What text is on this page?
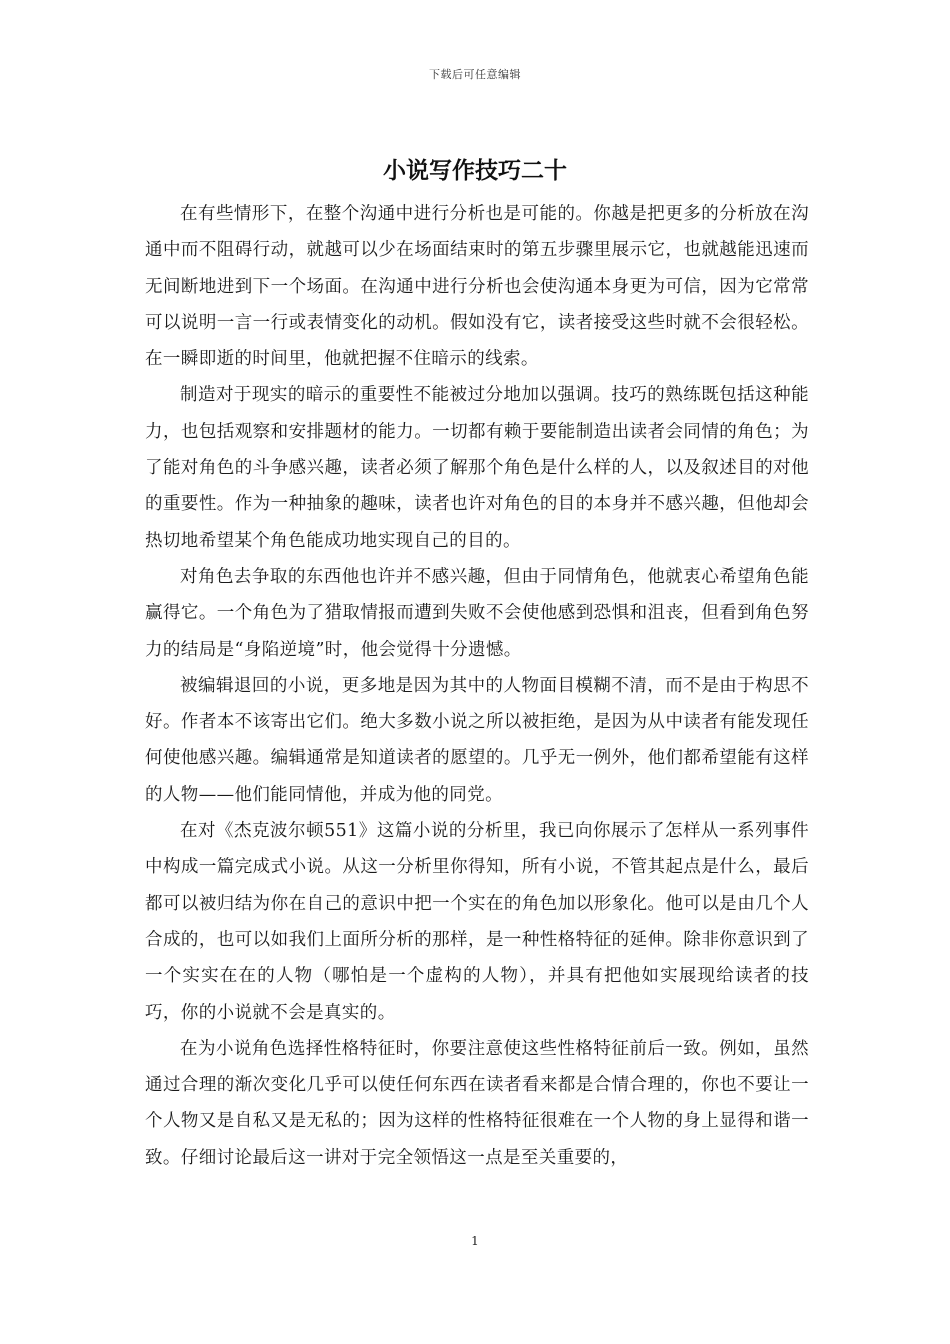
下载后可任意编辑
小说写作技巧二十

在有些情形下，在整个沟通中进行分析也是可能的。你越是把更多的分析放在沟通中而不阻碍行动，就越可以少在场面结束时的第五步骤里展示它，也就越能迅速而无间断地进到下一个场面。在沟通中进行分析也会使沟通本身更为可信，因为它常常可以说明一言一行或表情变化的动机。假如没有它，读者接受这些时就不会很轻松。在一瞬即逝的时间里，他就把握不住暗示的线索。

制造对于现实的暗示的重要性不能被过分地加以强调。技巧的熟练既包括这种能力，也包括观察和安排题材的能力。一切都有赖于要能制造出读者会同情的角色；为了能对角色的斗争感兴趣，读者必须了解那个角色是什么样的人，以及叙述目的对他的重要性。作为一种抽象的趣味，读者也许对角色的目的本身并不感兴趣，但他却会热切地希望某个角色能成功地实现自己的目的。

对角色去争取的东西他也许并不感兴趣，但由于同情角色，他就衷心希望角色能赢得它。一个角色为了猎取情报而遭到失败不会使他感到恐惧和沮丧，但看到角色努力的结局是“身陷逆境”时，他会觉得十分遗憾。

被编辑退回的小说，更多地是因为其中的人物面目模糊不清，而不是由于构思不好。作者本不该寄出它们。绝大多数小说之所以被拒绝，是因为从中读者有能发现任何使他感兴趣。编辑通常是知道读者的愿望的。几乎无一例外，他们都希望能有这样的人物——他们能同情他，并成为他的同党。

在对《杰克波尔顿551》这篇小说的分析里，我已向你展示了怎样从一系列事件中构成一篇完成式小说。从这一分析里你得知，所有小说，不管其起点是什么，最后都可以被归结为你在自己的意识中把一个实在的角色加以形象化。他可以是由几个人合成的，也可以如我们上面所分析的那样，是一种性格特征的延伸。除非你意识到了一个实实在在的人物（哪怕是一个虚构的人物），并具有把他如实展现给读者的技巧，你的小说就不会是真实的。

在为小说角色选择性格特征时，你要注意使这些性格特征前后一致。例如，虽然通过合理的渐次变化几乎可以使任何东西在读者看来都是合情合理的，你也不要让一个人物又是自私又是无私的；因为这样的性格特征很难在一个人物的身上显得和谐一致。仔细讨论最后这一讲对于完全领悟这一点是至关重要的，

1
